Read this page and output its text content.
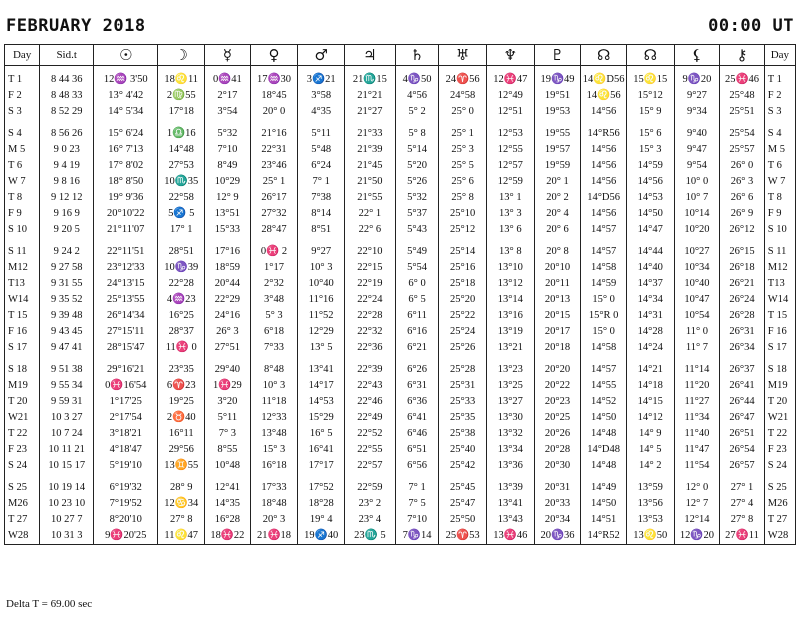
FEBRUARY 2018	00:00 UT
Day	Sid.t	☉	☽	☿	♀	♂	♃	♄	♅	♆	♇	☊	☊	⚸	⚷	Day
T 1	8 44 36	12♒ 3'50	18♌11	0♒41	17♒30	3♐21	21♏15	4♑50	24♈56	12♓47	19♑49	14♌D56	15♌15	9♑20	25♓46	T 1
F 2	8 48 33	13° 4'42	2♍55	2°17	18°45	3°58	21°21	4°56	24°58	12°49	19°51	14♌56	15°12	9°27	25°48	F 2
S 3	8 52 29	14° 5'34	17°18	3°54	20° 0	4°35	21°27	5° 2	25° 0	12°51	19°53	14°56	15° 9	9°34	25°51	S 3
S 4	8 56 26	15° 6'24	1♎16	5°32	21°16	5°11	21°33	5° 8	25° 1	12°53	19°55	14°R56	15° 6	9°40	25°54	S 4
M 5	9 0 23	16° 7'13	14°48	7°10	22°31	5°48	21°39	5°14	25° 3	12°55	19°57	14°56	15° 3	9°47	25°57	M 5
T 6	9 4 19	17° 8'02	27°53	8°49	23°46	6°24	21°45	5°20	25° 5	12°57	19°59	14°56	14°59	9°54	26° 0	T 6
W 7	9 8 16	18° 8'50	10♏35	10°29	25° 1	7° 1	21°50	5°26	25° 6	12°59	20° 1	14°56	14°56	10° 0	26° 3	W 7
T 8	9 12 12	19° 9'36	22°58	12° 9	26°17	7°38	21°55	5°32	25° 8	13° 1	20° 2	14°D56	14°53	10° 7	26° 6	T 8
F 9	9 16 9	20°10'22	5♐ 5	13°51	27°32	8°14	22° 1	5°37	25°10	13° 3	20° 4	14°56	14°50	10°14	26° 9	F 9
S 10	9 20 5	21°11'07	17° 1	15°33	28°47	8°51	22° 6	5°43	25°12	13° 6	20° 6	14°57	14°47	10°20	26°12	S 10
S 11	9 24 2	22°11'51	28°51	17°16	0♓ 2	9°27	22°10	5°49	25°14	13° 8	20° 8	14°57	14°44	10°27	26°15	S 11
M12	9 27 58	23°12'33	10♑39	18°59	1°17	10° 3	22°15	5°54	25°16	13°10	20°10	14°58	14°40	10°34	26°18	M12
T13	9 31 55	24°13'15	22°28	20°44	2°32	10°40	22°19	6° 0	25°18	13°12	20°11	14°59	14°37	10°40	26°21	T13
W14	9 35 52	25°13'55	4♒23	22°29	3°48	11°16	22°24	6° 5	25°20	13°14	20°13	15° 0	14°34	10°47	26°24	W14
T 15	9 39 48	26°14'34	16°25	24°16	5° 3	11°52	22°28	6°11	25°22	13°16	20°15	15°R 0	14°31	10°54	26°28	T 15
F 16	9 43 45	27°15'11	28°37	26° 3	6°18	12°29	22°32	6°16	25°24	13°19	20°17	15° 0	14°28	11° 0	26°31	F 16
S 17	9 47 41	28°15'47	11♓ 0	27°51	7°33	13° 5	22°36	6°21	25°26	13°21	20°18	14°58	14°24	11° 7	26°34	S 17
S 18	9 51 38	29°16'21	23°35	29°40	8°48	13°41	22°39	6°26	25°28	13°23	20°20	14°57	14°21	11°14	26°37	S 18
M19	9 55 34	0♓16'54	6♈23	1♓29	10° 3	14°17	22°43	6°31	25°31	13°25	20°22	14°55	14°18	11°20	26°41	M19
T 20	9 59 31	1°17'25	19°25	3°20	11°18	14°53	22°46	6°36	25°33	13°27	20°23	14°52	14°15	11°27	26°44	T 20
W21	10 3 27	2°17'54	2♉40	5°11	12°33	15°29	22°49	6°41	25°35	13°30	20°25	14°50	14°12	11°34	26°47	W21
T 22	10 7 24	3°18'21	16°11	7° 3	13°48	16° 5	22°52	6°46	25°38	13°32	20°26	14°48	14° 9	11°40	26°51	T 22
F 23	10 11 21	4°18'47	29°56	8°55	15° 3	16°41	22°55	6°51	25°40	13°34	20°28	14°D48	14° 5	11°47	26°54	F 23
S 24	10 15 17	5°19'10	13♊55	10°48	16°18	17°17	22°57	6°56	25°42	13°36	20°30	14°48	14° 2	11°54	26°57	S 24
S 25	10 19 14	6°19'32	28° 9	12°41	17°33	17°52	22°59	7° 1	25°45	13°39	20°31	14°49	13°59	12° 0	27° 1	S 25
M26	10 23 10	7°19'52	12♋34	14°35	18°48	18°28	23° 2	7° 5	25°47	13°41	20°33	14°50	13°56	12° 7	27° 4	M26
T 27	10 27 7	8°20'10	27° 8	16°28	20° 3	19° 4	23° 4	7°10	25°50	13°43	20°34	14°51	13°53	12°14	27° 8	T 27
W28	10 31 3	9♓20'25	11♌47	18♓22	21♓18	19♐40	23♏ 5	7♑14	25♈53	13♓46	20♑36	14°R52	13♌50	12♑20	27♓11	W28
Delta T = 69.00 sec
